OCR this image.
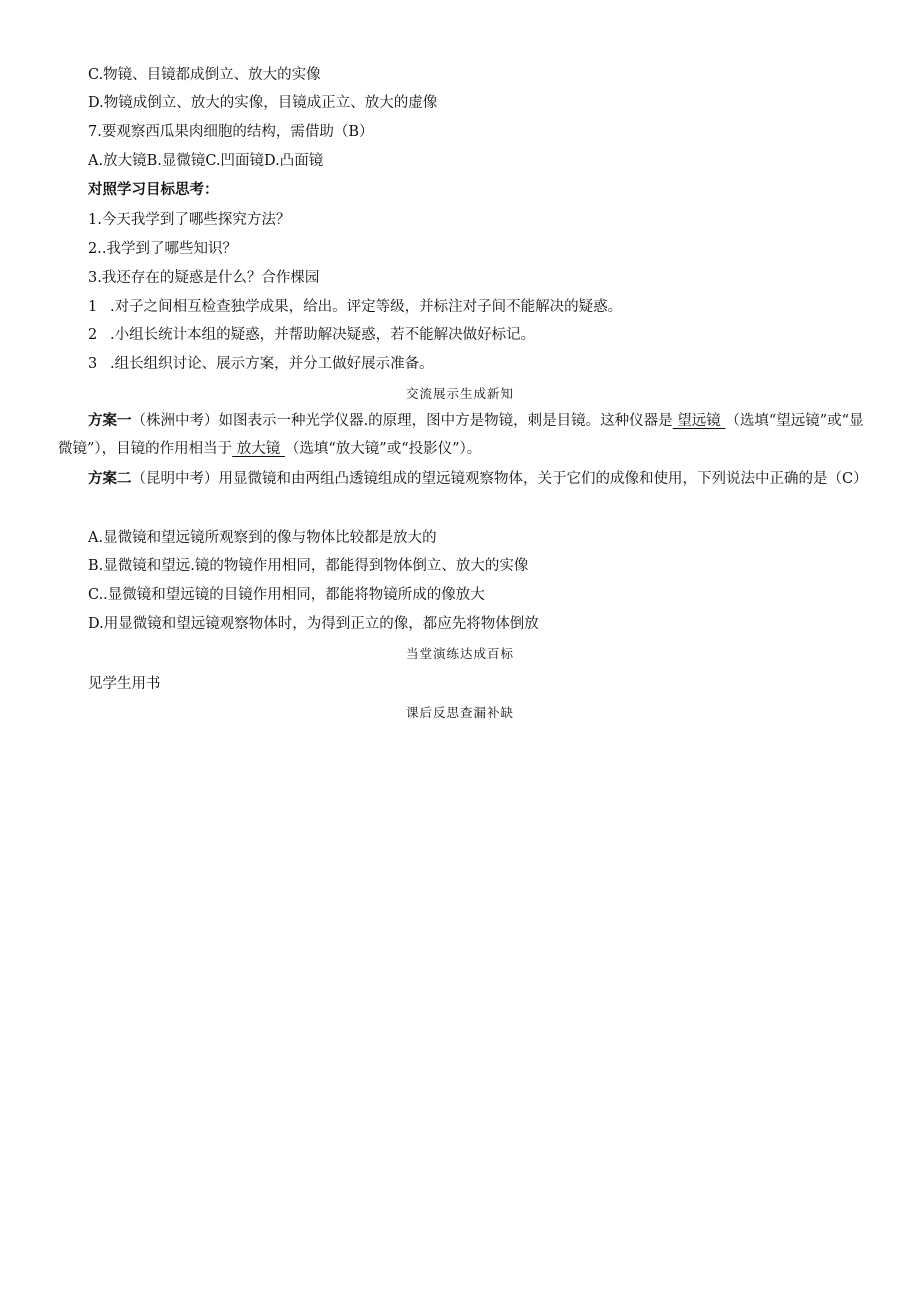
C.物镜、目镜都成倒立、放大的实像
D.物镜成倒立、放大的实像，目镜成正立、放大的虚像
7.要观察西瓜果肉细胞的结构，需借助（B）
A.放大镜B.显微镜C.凹面镜D.凸面镜
对照学习目标思考：
1.今天我学到了哪些探究方法？
2..我学到了哪些知识？
3.我还存在的疑惑是什么？合作棵园
1 .对子之间相互检查独学成果，给出。评定等级，并标注对子间不能解决的疑惑。
2 .小组长统计本组的疑惑，并帮助解决疑惑，若不能解决做好标记。
3 .组长组织讨论、展示方案，并分工做好展示准备。
交流展示生成新知
方案一（株洲中考）如图表示一种光学仪器.的原理，图中方是物镜，刺是目镜。这种仪器是 望远镜 （选填“望远镜”或“显微镜”），目镜的作用相当于 放大镜 （选填“放大镜”或“投影仪”）。
方案二（昆明中考）用显微镜和由两组凸透镜组成的望远镜观察物体，关于它们的成像和使用，下列说法中正确的是（C）
A.显微镜和望远镜所观察到的像与物体比较都是放大的
B.显微镜和望远.镜的物镜作用相同，都能得到物体倒立、放大的实像
C..显微镜和望远镜的目镜作用相同，都能将物镜所成的像放大
D.用显微镜和望远镜观察物体时，为得到正立的像，都应先将物体倒放
当堂演练达成百标
见学生用书
课后反思查漏补缺
